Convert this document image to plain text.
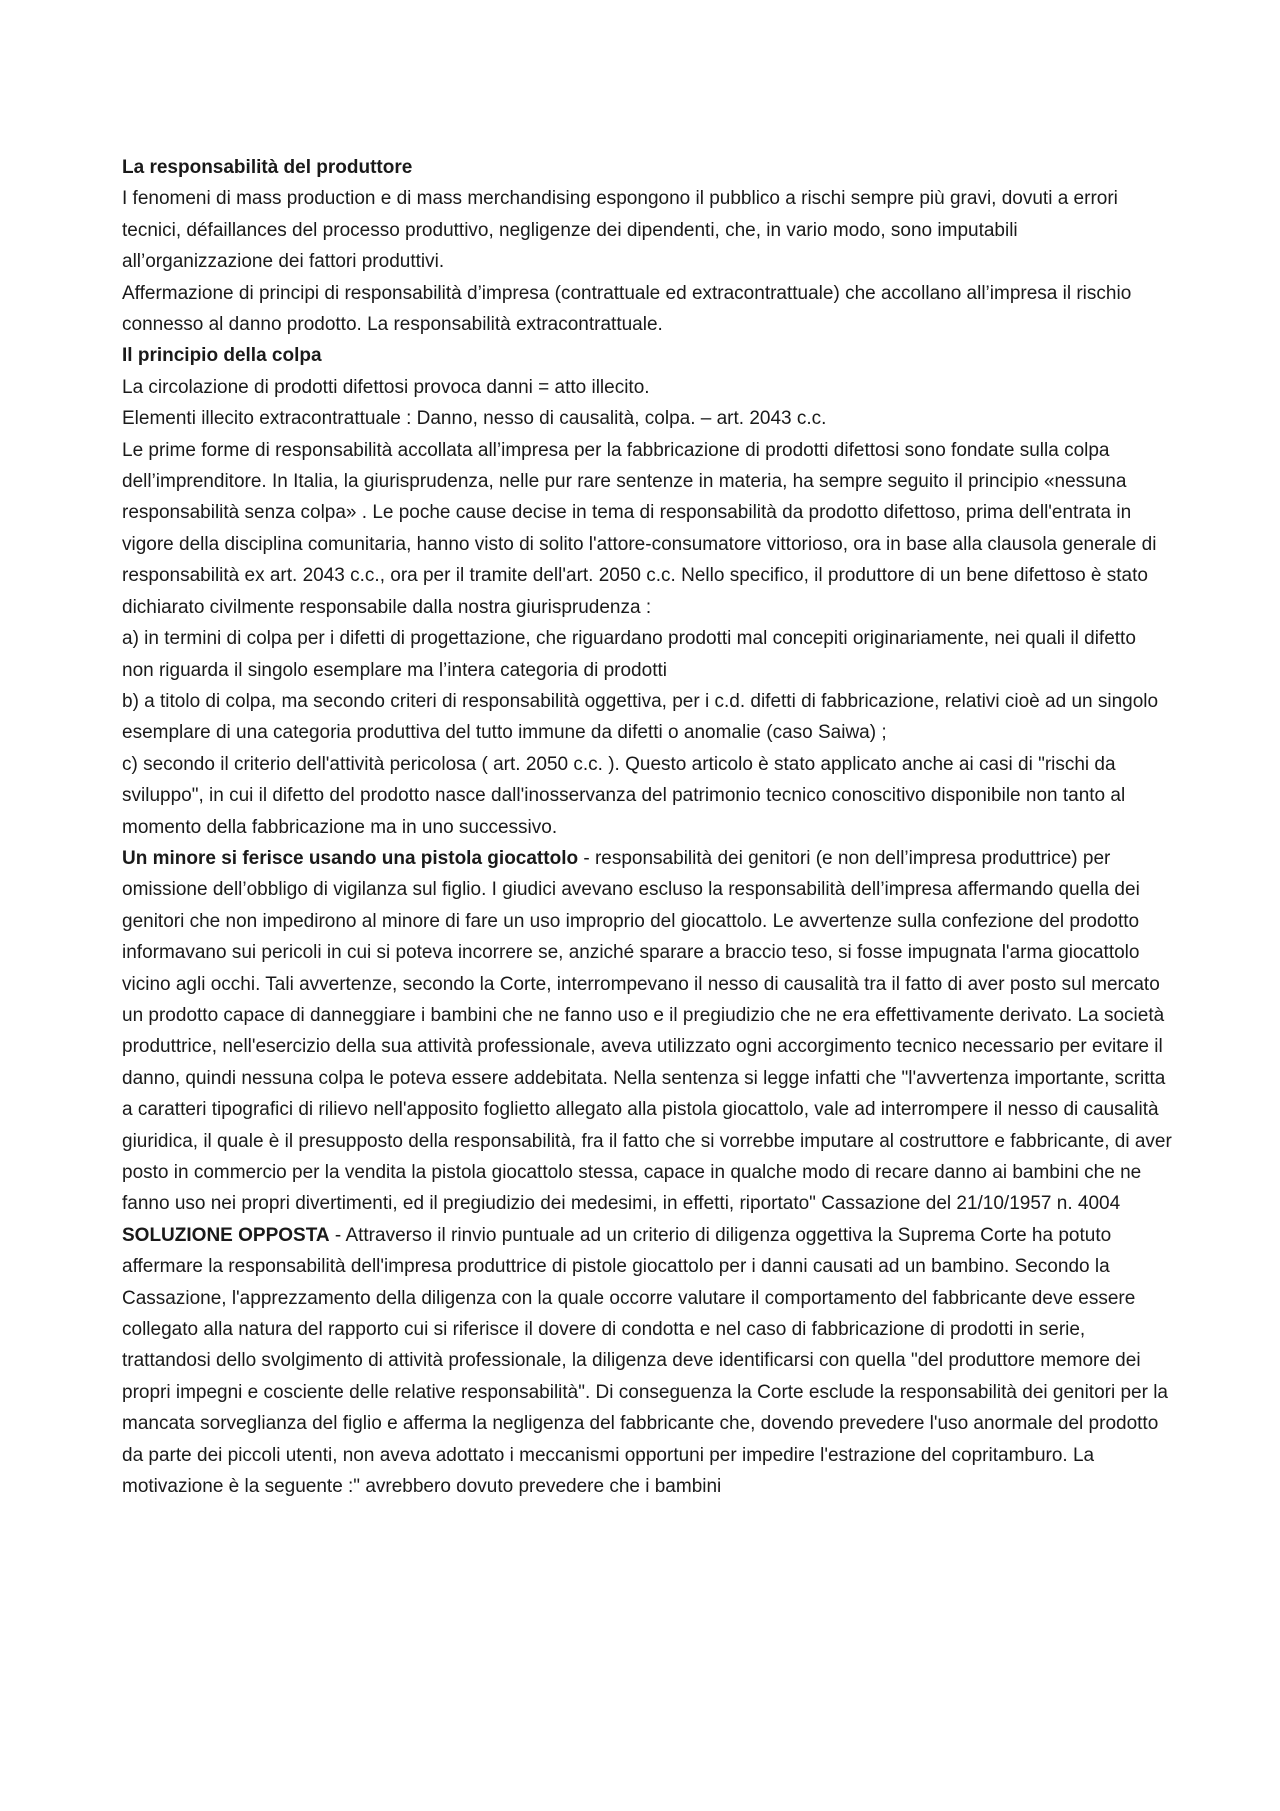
La responsabilità del produttore

I fenomeni di mass production e di mass merchandising espongono il pubblico a rischi sempre più gravi, dovuti a errori tecnici, défaillances del processo produttivo, negligenze dei dipendenti, che, in vario modo, sono imputabili all’organizzazione dei fattori produttivi.

Affermazione di principi di responsabilità d’impresa (contrattuale ed extracontrattuale) che accollano all’impresa il rischio connesso al danno prodotto. La responsabilità extracontrattuale.

Il principio della colpa

La circolazione di prodotti difettosi provoca danni = atto illecito.

Elementi illecito extracontrattuale : Danno, nesso di causalità, colpa. – art. 2043 c.c.

Le prime forme di responsabilità accollata all’impresa per la fabbricazione di prodotti difettosi sono fondate sulla colpa dell’imprenditore. In Italia, la giurisprudenza, nelle pur rare sentenze in materia, ha sempre seguito il principio «nessuna responsabilità senza colpa» . Le poche cause decise in tema di responsabilità da prodotto difettoso, prima dell'entrata in vigore della disciplina comunitaria, hanno visto di solito l'attore-consumatore vittorioso, ora in base alla clausola generale di responsabilità ex art. 2043 c.c., ora per il tramite dell'art. 2050 c.c. Nello specifico, il produttore di un bene difettoso è stato dichiarato civilmente responsabile dalla nostra giurisprudenza :

a) in termini di colpa per i difetti di progettazione, che riguardano prodotti mal concepiti originariamente, nei quali il difetto non riguarda il singolo esemplare ma l’intera categoria di prodotti

b) a titolo di colpa, ma secondo criteri di responsabilità oggettiva, per i c.d. difetti di fabbricazione, relativi cioè ad un singolo esemplare di una categoria produttiva del tutto immune da difetti o anomalie (caso Saiwa) ;

c) secondo il criterio dell'attività pericolosa ( art. 2050 c.c. ). Questo articolo è stato applicato anche ai casi di "rischi da sviluppo", in cui il difetto del prodotto nasce dall'inosservanza del patrimonio tecnico conoscitivo disponibile non tanto al momento della fabbricazione ma in uno successivo.

Un minore si ferisce usando una pistola giocattolo - responsabilità dei genitori (e non dell’impresa produttrice) per omissione dell’obbligo di vigilanza sul figlio. I giudici avevano escluso la responsabilità dell’impresa affermando quella dei genitori che non impedirono al minore di fare un uso improprio del giocattolo. Le avvertenze sulla confezione del prodotto informavano sui pericoli in cui si poteva incorrere se, anziché sparare a braccio teso, si fosse impugnata l'arma giocattolo vicino agli occhi. Tali avvertenze, secondo la Corte, interrompevano il nesso di causalità tra il fatto di aver posto sul mercato un prodotto capace di danneggiare i bambini che ne fanno uso e il pregiudizio che ne era effettivamente derivato. La società produttrice, nell'esercizio della sua attività professionale, aveva utilizzato ogni accorgimento tecnico necessario per evitare il danno, quindi nessuna colpa le poteva essere addebitata. Nella sentenza si legge infatti che "l'avvertenza importante, scritta a caratteri tipografici di rilievo nell'apposito foglietto allegato alla pistola giocattolo, vale ad interrompere il nesso di causalità giuridica, il quale è il presupposto della responsabilità, fra il fatto che si vorrebbe imputare al costruttore e fabbricante, di aver posto in commercio per la vendita la pistola giocattolo stessa, capace in qualche modo di recare danno ai bambini che ne fanno uso nei propri divertimenti, ed il pregiudizio dei medesimi, in effetti, riportato" Cassazione del 21/10/1957 n. 4004

SOLUZIONE OPPOSTA - Attraverso il rinvio puntuale ad un criterio di diligenza oggettiva la Suprema Corte ha potuto affermare la responsabilità dell'impresa produttrice di pistole giocattolo per i danni causati ad un bambino. Secondo la Cassazione, l'apprezzamento della diligenza con la quale occorre valutare il comportamento del fabbricante deve essere collegato alla natura del rapporto cui si riferisce il dovere di condotta e nel caso di fabbricazione di prodotti in serie, trattandosi dello svolgimento di attività professionale, la diligenza deve identificarsi con quella "del produttore memore dei propri impegni e cosciente delle relative responsabilità". Di conseguenza la Corte esclude la responsabilità dei genitori per la mancata sorveglianza del figlio e afferma la negligenza del fabbricante che, dovendo prevedere l'uso anormale del prodotto da parte dei piccoli utenti, non aveva adottato i meccanismi opportuni per impedire l'estrazione del copritamburo. La motivazione è la seguente :" avrebbero dovuto prevedere che i bambini
